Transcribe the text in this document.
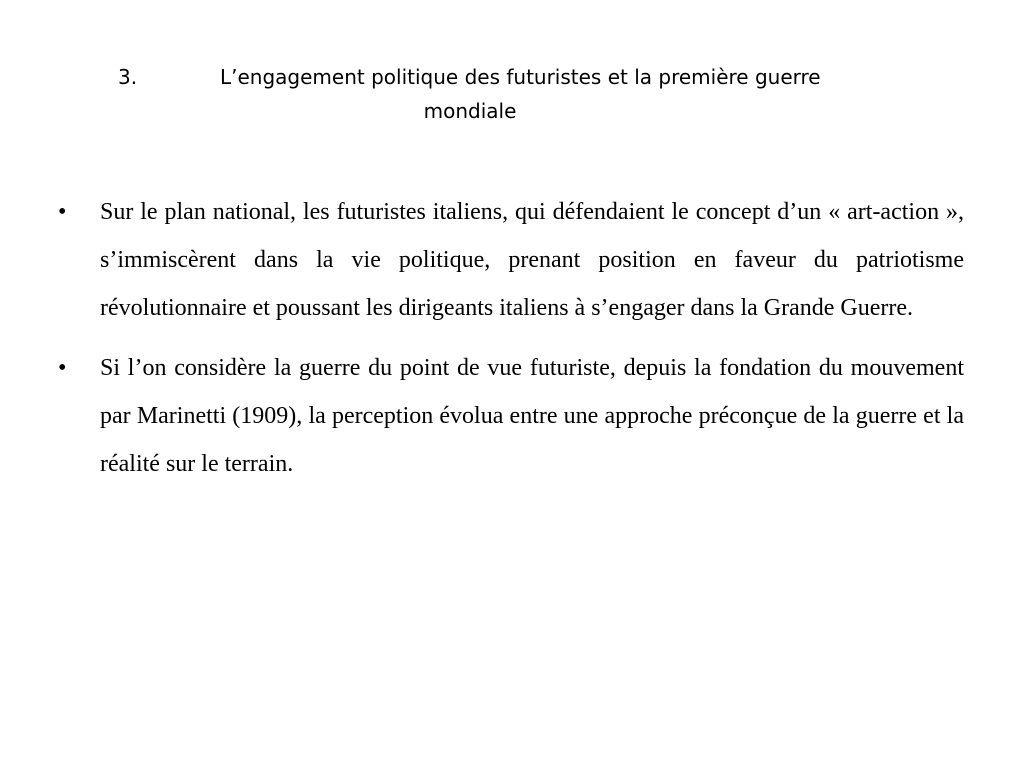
3.	L’engagement politique des futuristes et la première guerre
mondiale
•	Sur le plan national, les futuristes italiens, qui défendaient le concept d’un « art-action », s’immiscèrent dans la vie politique, prenant position en faveur du patriotisme révolutionnaire et poussant les dirigeants italiens à s’engager dans la Grande Guerre.
•	Si l’on considère la guerre du point de vue futuriste, depuis la fondation du mouvement par Marinetti (1909), la perception évolua entre une approche préconçue de la guerre et la réalité sur le terrain.
